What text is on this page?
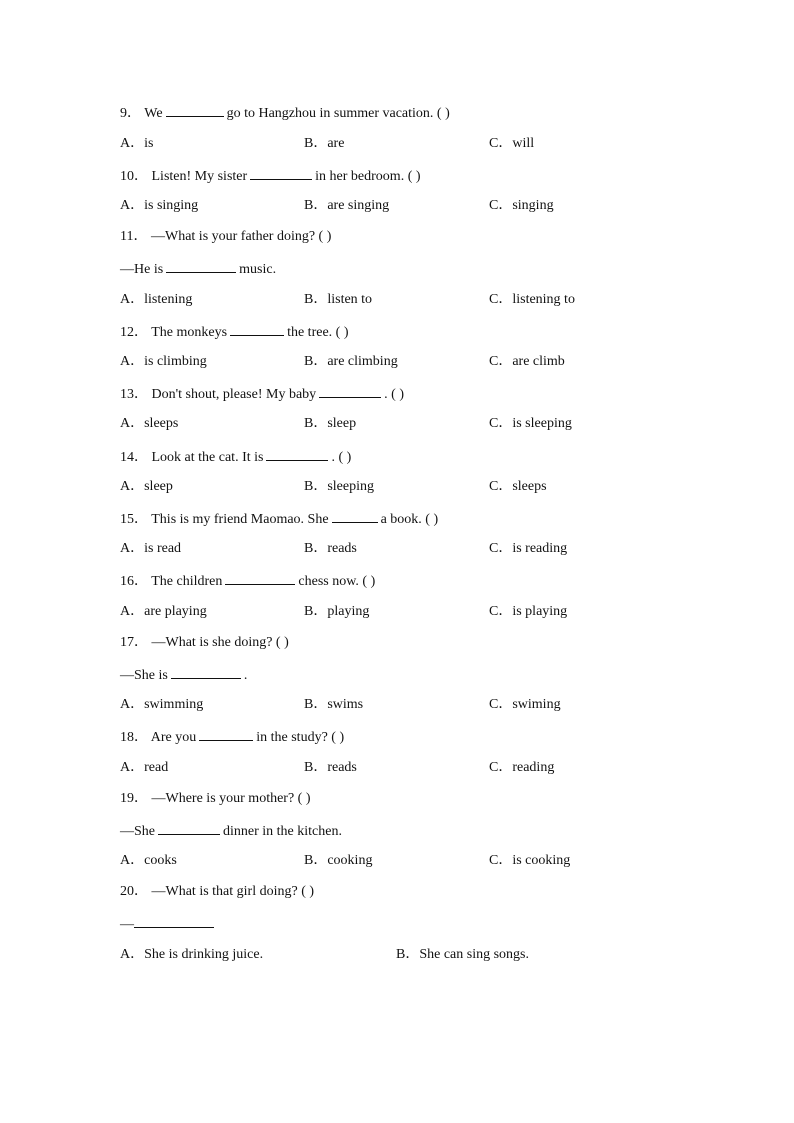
9． We	go to Hangzhou in summer vacation. ( )
A．is	B．are	C．will
10． Listen! My sister	in her bedroom. ( )
A．is singing	B．are singing	C．singing
11． —What is your father doing? ( )
—He is	music.
A．listening	B．listen to	C．listening to
12． The monkeys	the tree. ( )
A．is climbing	B．are climbing	C．are climb
13． Don't shout, please! My baby	. ( )
A．sleeps	B．sleep	C．is sleeping
14． Look at the cat. It is	. ( )
A．sleep	B．sleeping	C．sleeps
15． This is my friend Maomao. She	a book. ( )
A．is read	B．reads	C．is reading
16． The children	chess now. ( )
A．are playing	B．playing	C．is playing
17． —What is she doing? ( )
—She is	.
A．swimming	B．swims	C．swiming
18． Are you	in the study? ( )
A．read	B．reads	C．reading
19． —Where is your mother? ( )
—She	dinner in the kitchen.
A．cooks	B．cooking	C．is cooking
20． —What is that girl doing? ( )
—
A．She is drinking juice.	B．She can sing songs.
